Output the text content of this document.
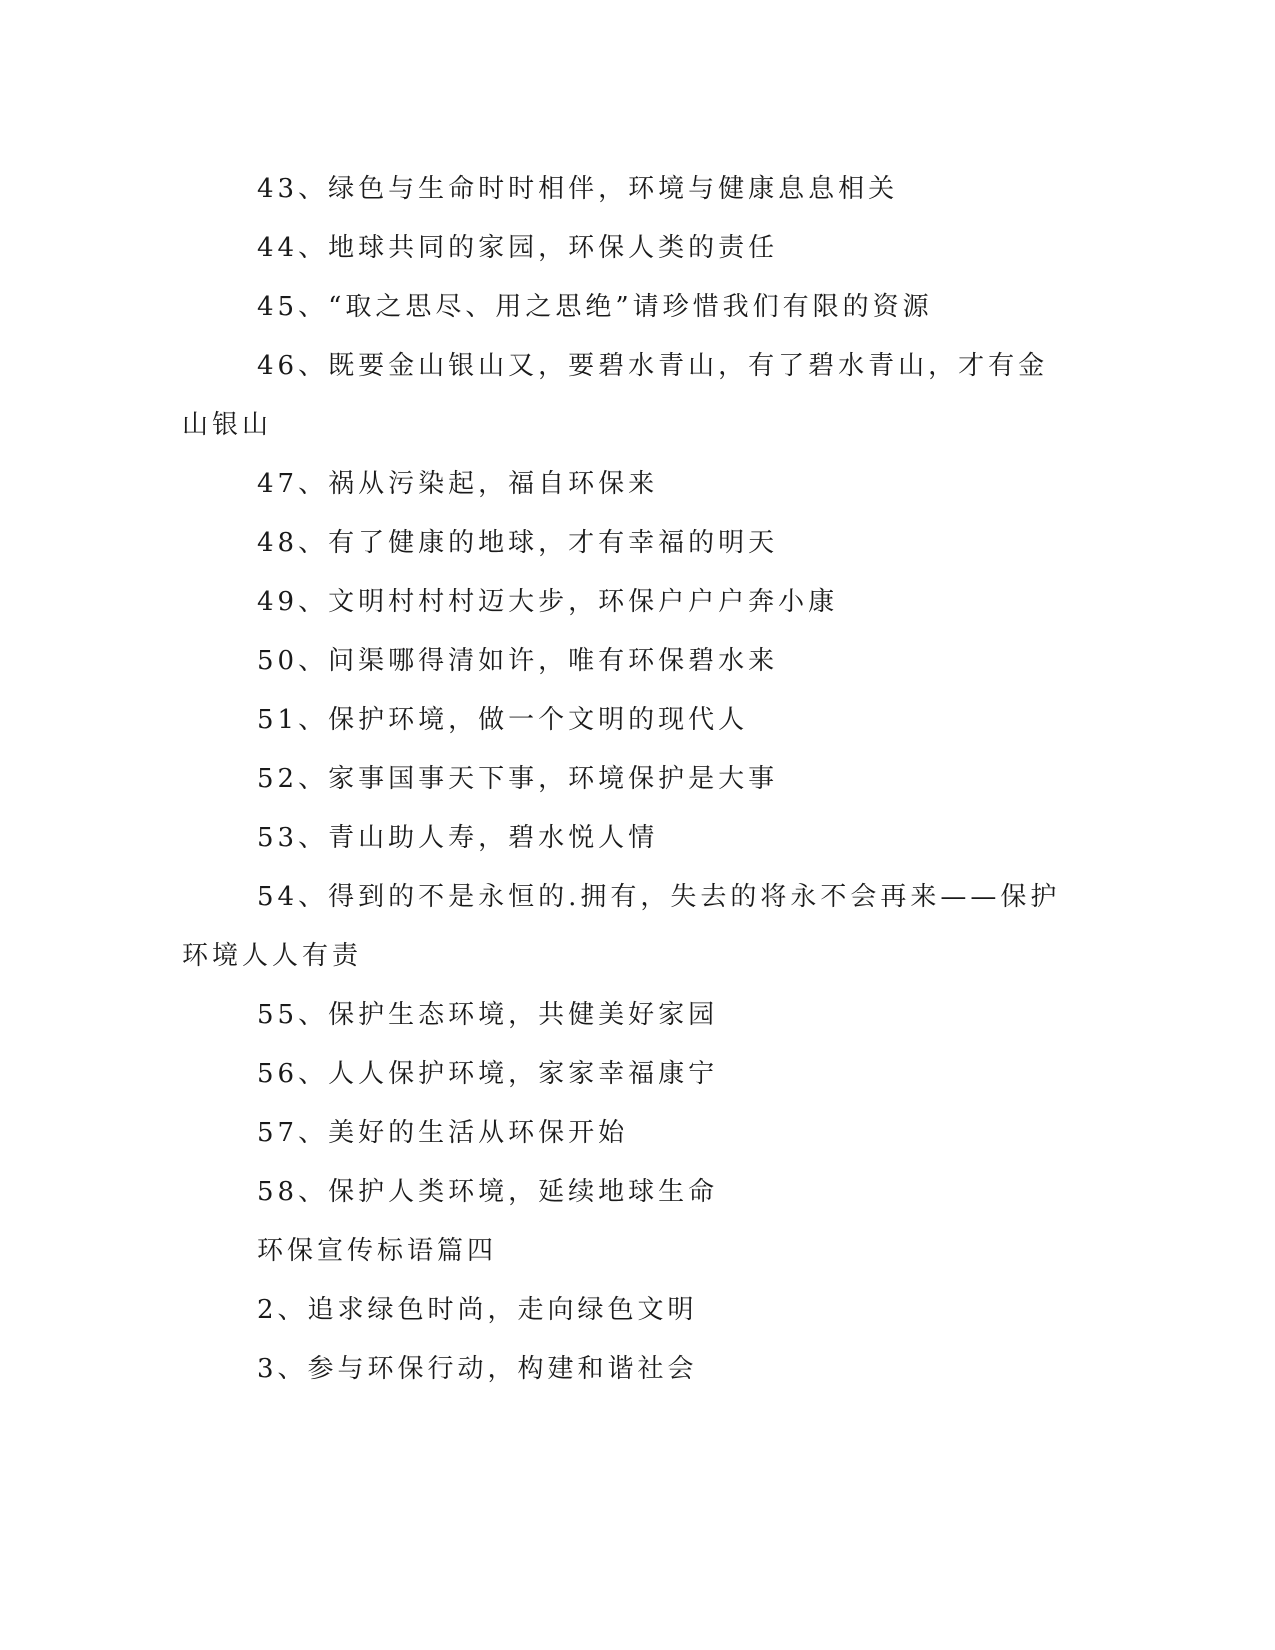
43、绿色与生命时时相伴，环境与健康息息相关

44、地球共同的家园，环保人类的责任

45、“取之思尽、用之思绝”请珍惜我们有限的资源

46、既要金山银山又，要碧水青山，有了碧水青山，才有金山银山

47、祸从污染起，福自环保来

48、有了健康的地球，才有幸福的明天

49、文明村村村迈大步，环保户户户奔小康

50、问渠哪得清如许，唯有环保碧水来

51、保护环境，做一个文明的现代人

52、家事国事天下事，环境保护是大事

53、青山助人寿，碧水悦人情

54、得到的不是永恒的.拥有，失去的将永不会再来——保护环境人人有责

55、保护生态环境，共健美好家园

56、人人保护环境，家家幸福康宁

57、美好的生活从环保开始

58、保护人类环境，延续地球生命

环保宣传标语篇四

2、追求绿色时尚，走向绿色文明

3、参与环保行动，构建和谐社会
